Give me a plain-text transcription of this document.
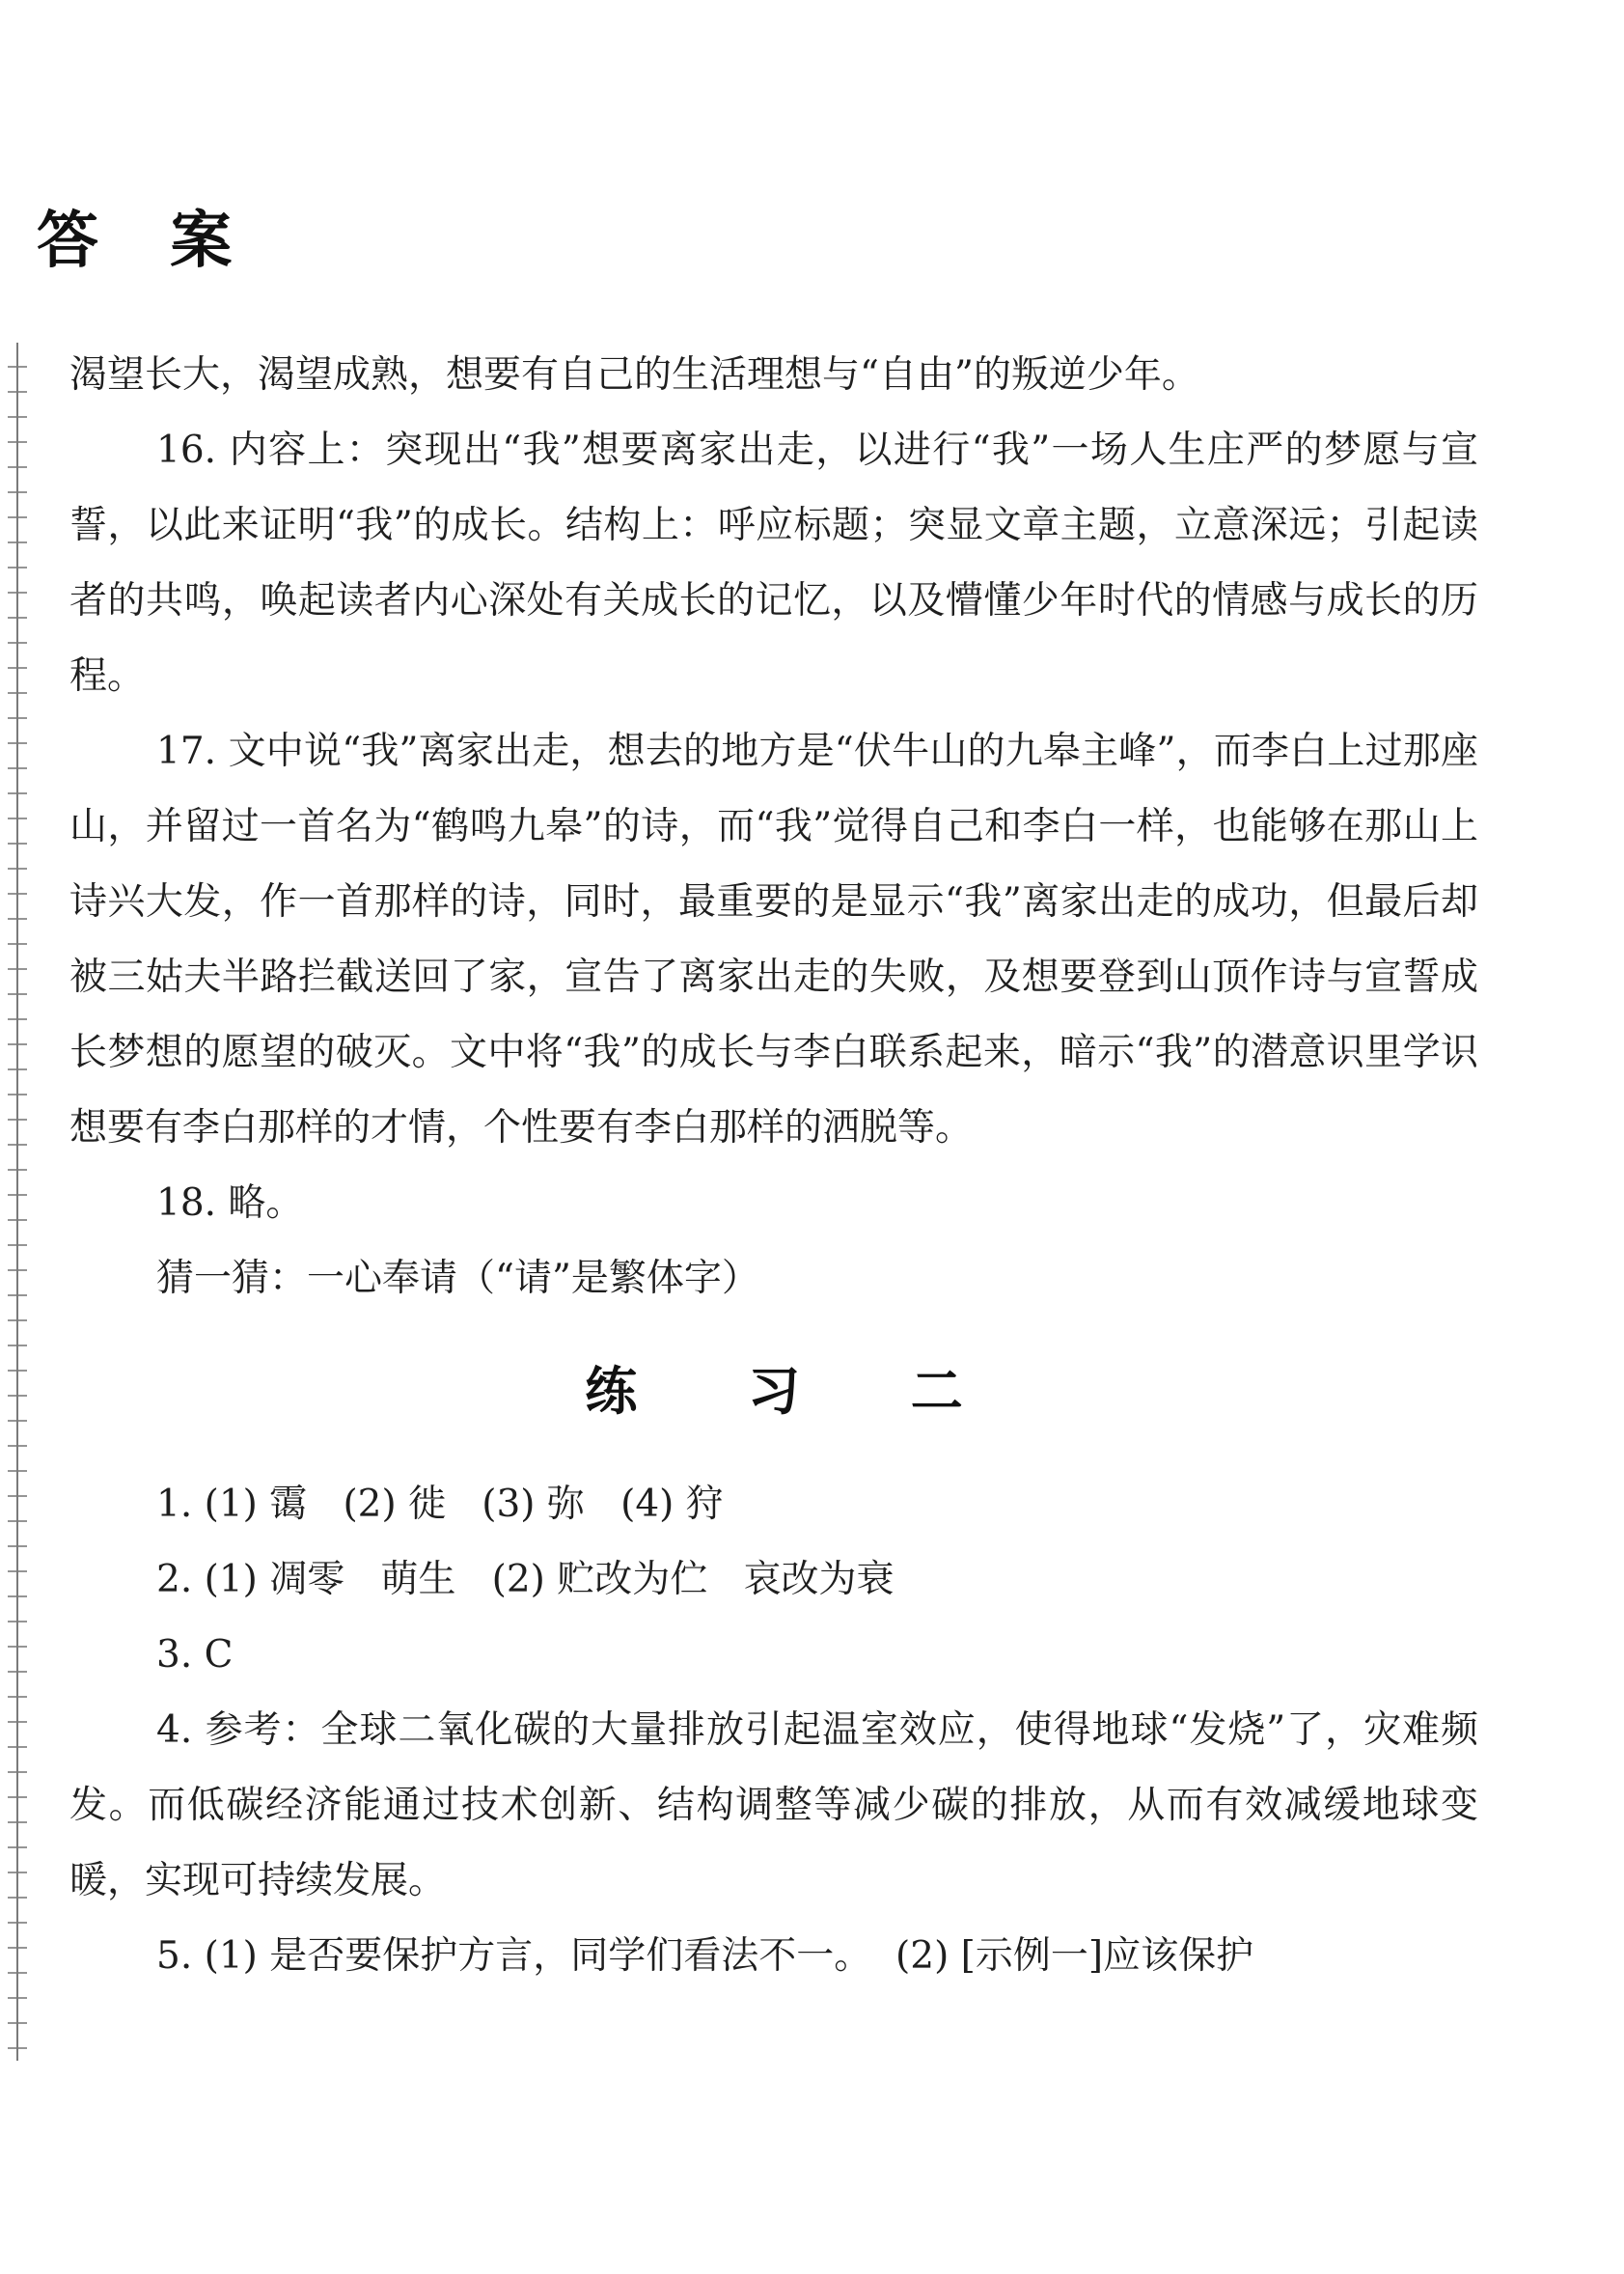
答 案

渴望长大，渴望成熟，想要有自己的生活理想与“自由”的叛逆少年。

16. 内容上：突现出“我”想要离家出走，以进行“我”一场人生庄严的梦愿与宣誓，以此来证明“我”的成长。结构上：呼应标题；突显文章主题，立意深远；引起读者的共鸣，唤起读者内心深处有关成长的记忆，以及懵懂少年时代的情感与成长的历程。

17. 文中说“我”离家出走，想去的地方是“伏牛山的九皋主峰”，而李白上过那座山，并留过一首名为“鹤鸣九皋”的诗，而“我”觉得自己和李白一样，也能够在那山上诗兴大发，作一首那样的诗，同时，最重要的是显示“我”离家出走的成功，但最后却被三姑夫半路拦截送回了家，宣告了离家出走的失败，及想要登到山顶作诗与宣誓成长梦想的愿望的破灭。文中将“我”的成长与李白联系起来，暗示“我”的潜意识里学识想要有李白那样的才情，个性要有李白那样的洒脱等。

18. 略。

猜一猜：一心奉请（“请”是繁体字）

练 习 二

1. (1) 霭   (2) 徙   (3) 弥   (4) 狩

2. (1) 凋零   萌生   (2) 贮改为伫   哀改为衰

3. C

4. 参考：全球二氧化碳的大量排放引起温室效应，使得地球“发烧”了，灾难频发。而低碳经济能通过技术创新、结构调整等减少碳的排放，从而有效减缓地球变暖，实现可持续发展。

5. (1) 是否要保护方言，同学们看法不一。  (2) [示例一]应该保护
